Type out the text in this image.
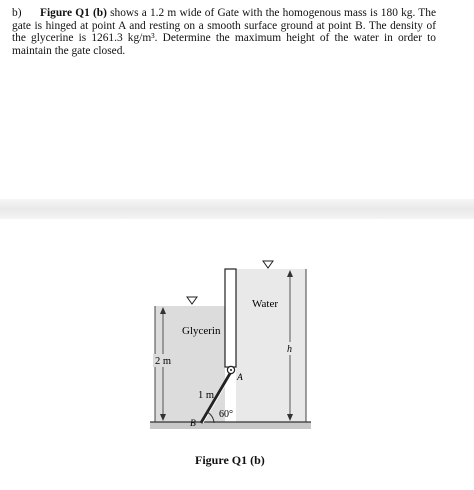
b) Figure Q1 (b) shows a 1.2 m wide of Gate with the homogenous mass is 180 kg. The gate is hinged at point A and resting on a smooth surface ground at point B. The density of the glycerine is 1261.3 kg/m³. Determine the maximum height of the water in order to maintain the gate closed.

Glycerin
Water
2 m
1 m
60°
A
B
h
Figure Q1 (b)
